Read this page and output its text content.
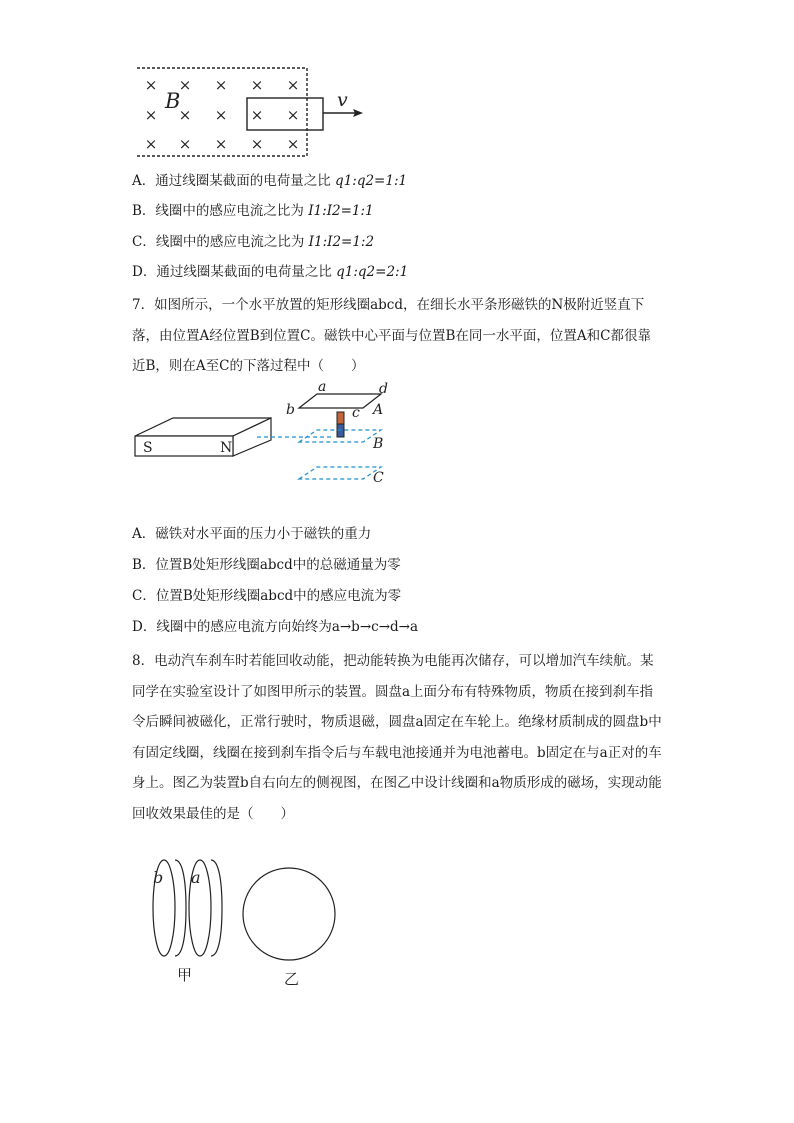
× × × × ×
× × × × ×
× × × × ×
B	v
A．通过线圈某截面的电荷量之比 q1:q2=1:1
B．线圈中的感应电流之比为 I1:I2=1:1
C．线圈中的感应电流之比为 I1:I2=1:2
D．通过线圈某截面的电荷量之比 q1:q2=2:1
7．如图所示，一个水平放置的矩形线圈abcd，在细长水平条形磁铁的N极附近竖直下落，由位置A经位置B到位置C。磁铁中心平面与位置B在同一水平面，位置A和C都很靠近B，则在A至C的下落过程中（　　）
S	N
a	d
b	c A
B
C
A．磁铁对水平面的压力小于磁铁的重力
B．位置B处矩形线圈abcd中的总磁通量为零
C．位置B处矩形线圈abcd中的感应电流为零
D．线圈中的感应电流方向始终为a→b→c→d→a
8．电动汽车刹车时若能回收动能，把动能转换为电能再次储存，可以增加汽车续航。某同学在实验室设计了如图甲所示的装置。圆盘a上面分布有特殊物质，物质在接到刹车指令后瞬间被磁化，正常行驶时，物质退磁，圆盘a固定在车轮上。绝缘材质制成的圆盘b中有固定线圈，线圈在接到刹车指令后与车载电池接通并为电池蓄电。b固定在与a正对的车身上。图乙为装置b自右向左的侧视图，在图乙中设计线圈和a物质形成的磁场，实现动能回收效果最佳的是（　　）
b a
甲	乙
